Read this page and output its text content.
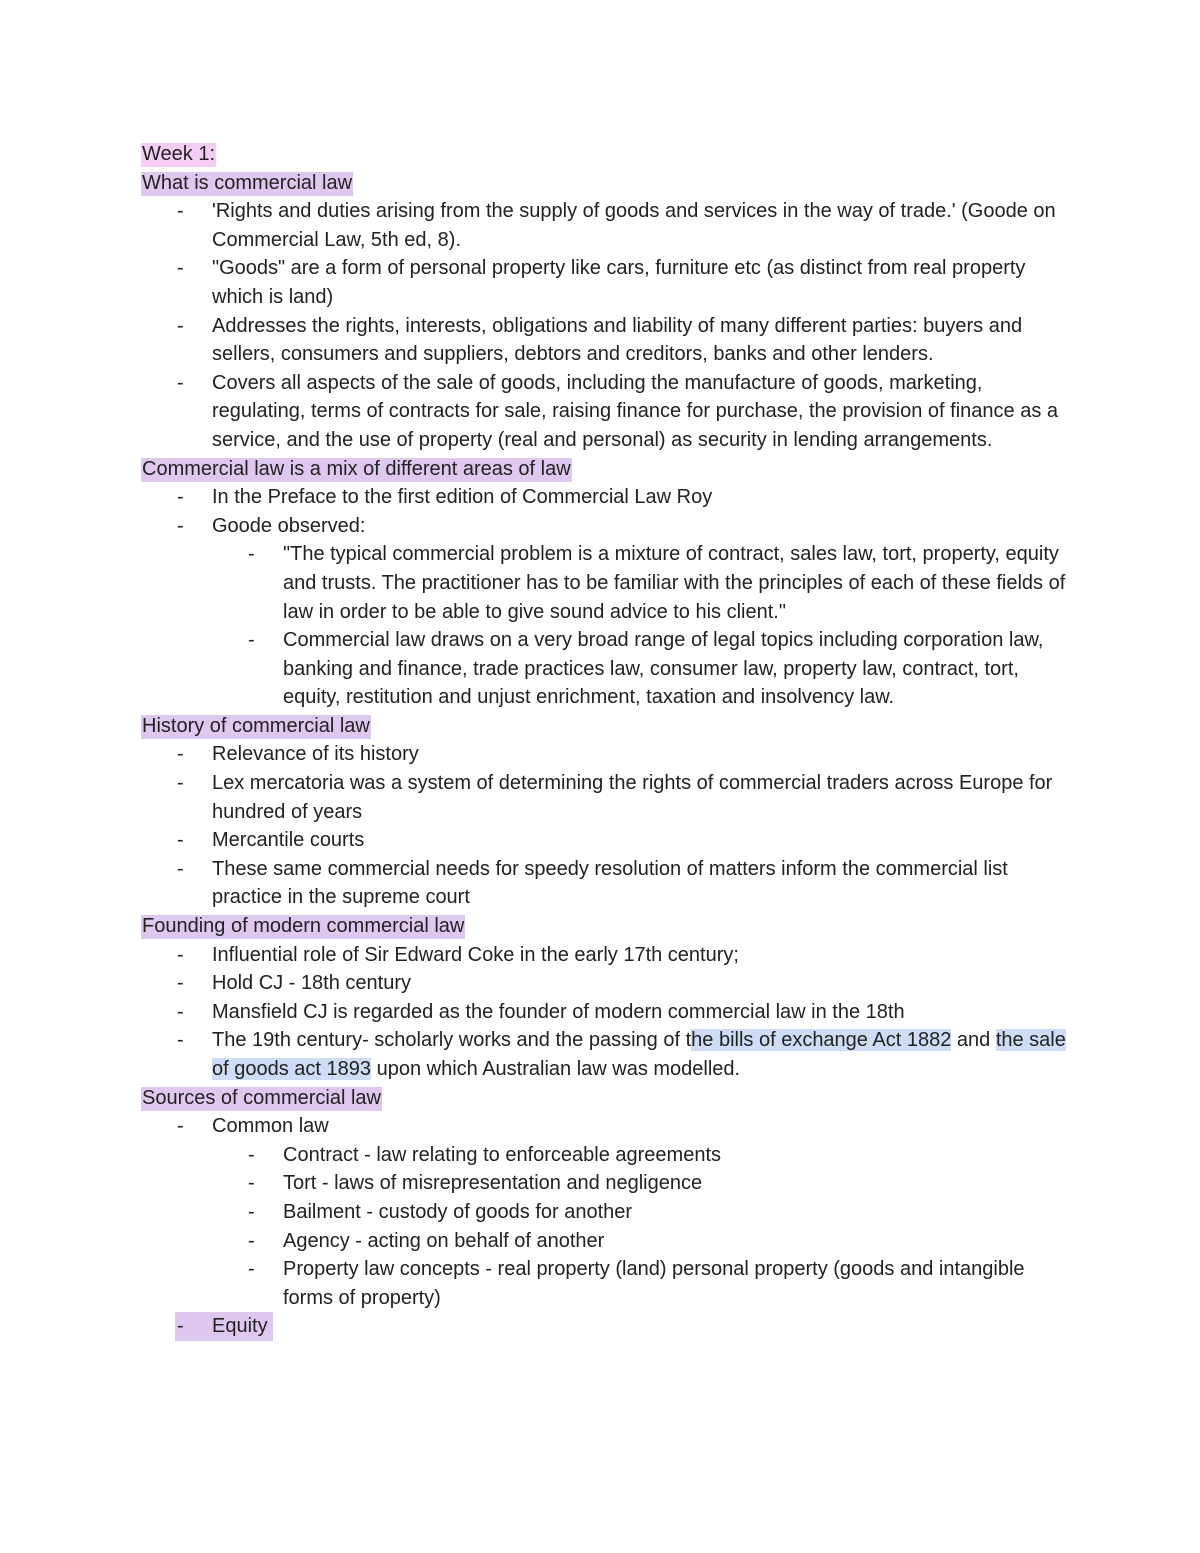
Week 1:

What is commercial law

- 'Rights and duties arising from the supply of goods and services in the way of trade.' (Goode on Commercial Law, 5th ed, 8).
- "Goods" are a form of personal property like cars, furniture etc (as distinct from real property which is land)
- Addresses the rights, interests, obligations and liability of many different parties: buyers and sellers, consumers and suppliers, debtors and creditors, banks and other lenders.
- Covers all aspects of the sale of goods, including the manufacture of goods, marketing, regulating, terms of contracts for sale, raising finance for purchase, the provision of finance as a service, and the use of property (real and personal) as security in lending arrangements.

Commercial law is a mix of different areas of law

- In the Preface to the first edition of Commercial Law Roy
- Goode observed:
- "The typical commercial problem is a mixture of contract, sales law, tort, property, equity and trusts. The practitioner has to be familiar with the principles of each of these fields of law in order to be able to give sound advice to his client."
- Commercial law draws on a very broad range of legal topics including corporation law, banking and finance, trade practices law, consumer law, property law, contract, tort, equity, restitution and unjust enrichment, taxation and insolvency law.

History of commercial law

- Relevance of its history
- Lex mercatoria was a system of determining the rights of commercial traders across Europe for hundred of years
- Mercantile courts
- These same commercial needs for speedy resolution of matters inform the commercial list practice in the supreme court

Founding of modern commercial law

- Influential role of Sir Edward Coke in the early 17th century;
- Hold CJ - 18th century
- Mansfield CJ is regarded as the founder of modern commercial law in the 18th
- The 19th century- scholarly works and the passing of the bills of exchange Act 1882 and the sale of goods act 1893 upon which Australian law was modelled.

Sources of commercial law

- Common law
- Contract - law relating to enforceable agreements
- Tort - laws of misrepresentation and negligence
- Bailment - custody of goods for another
- Agency - acting on behalf of another
- Property law concepts - real property (land) personal property (goods and intangible forms of property)
- Equity
